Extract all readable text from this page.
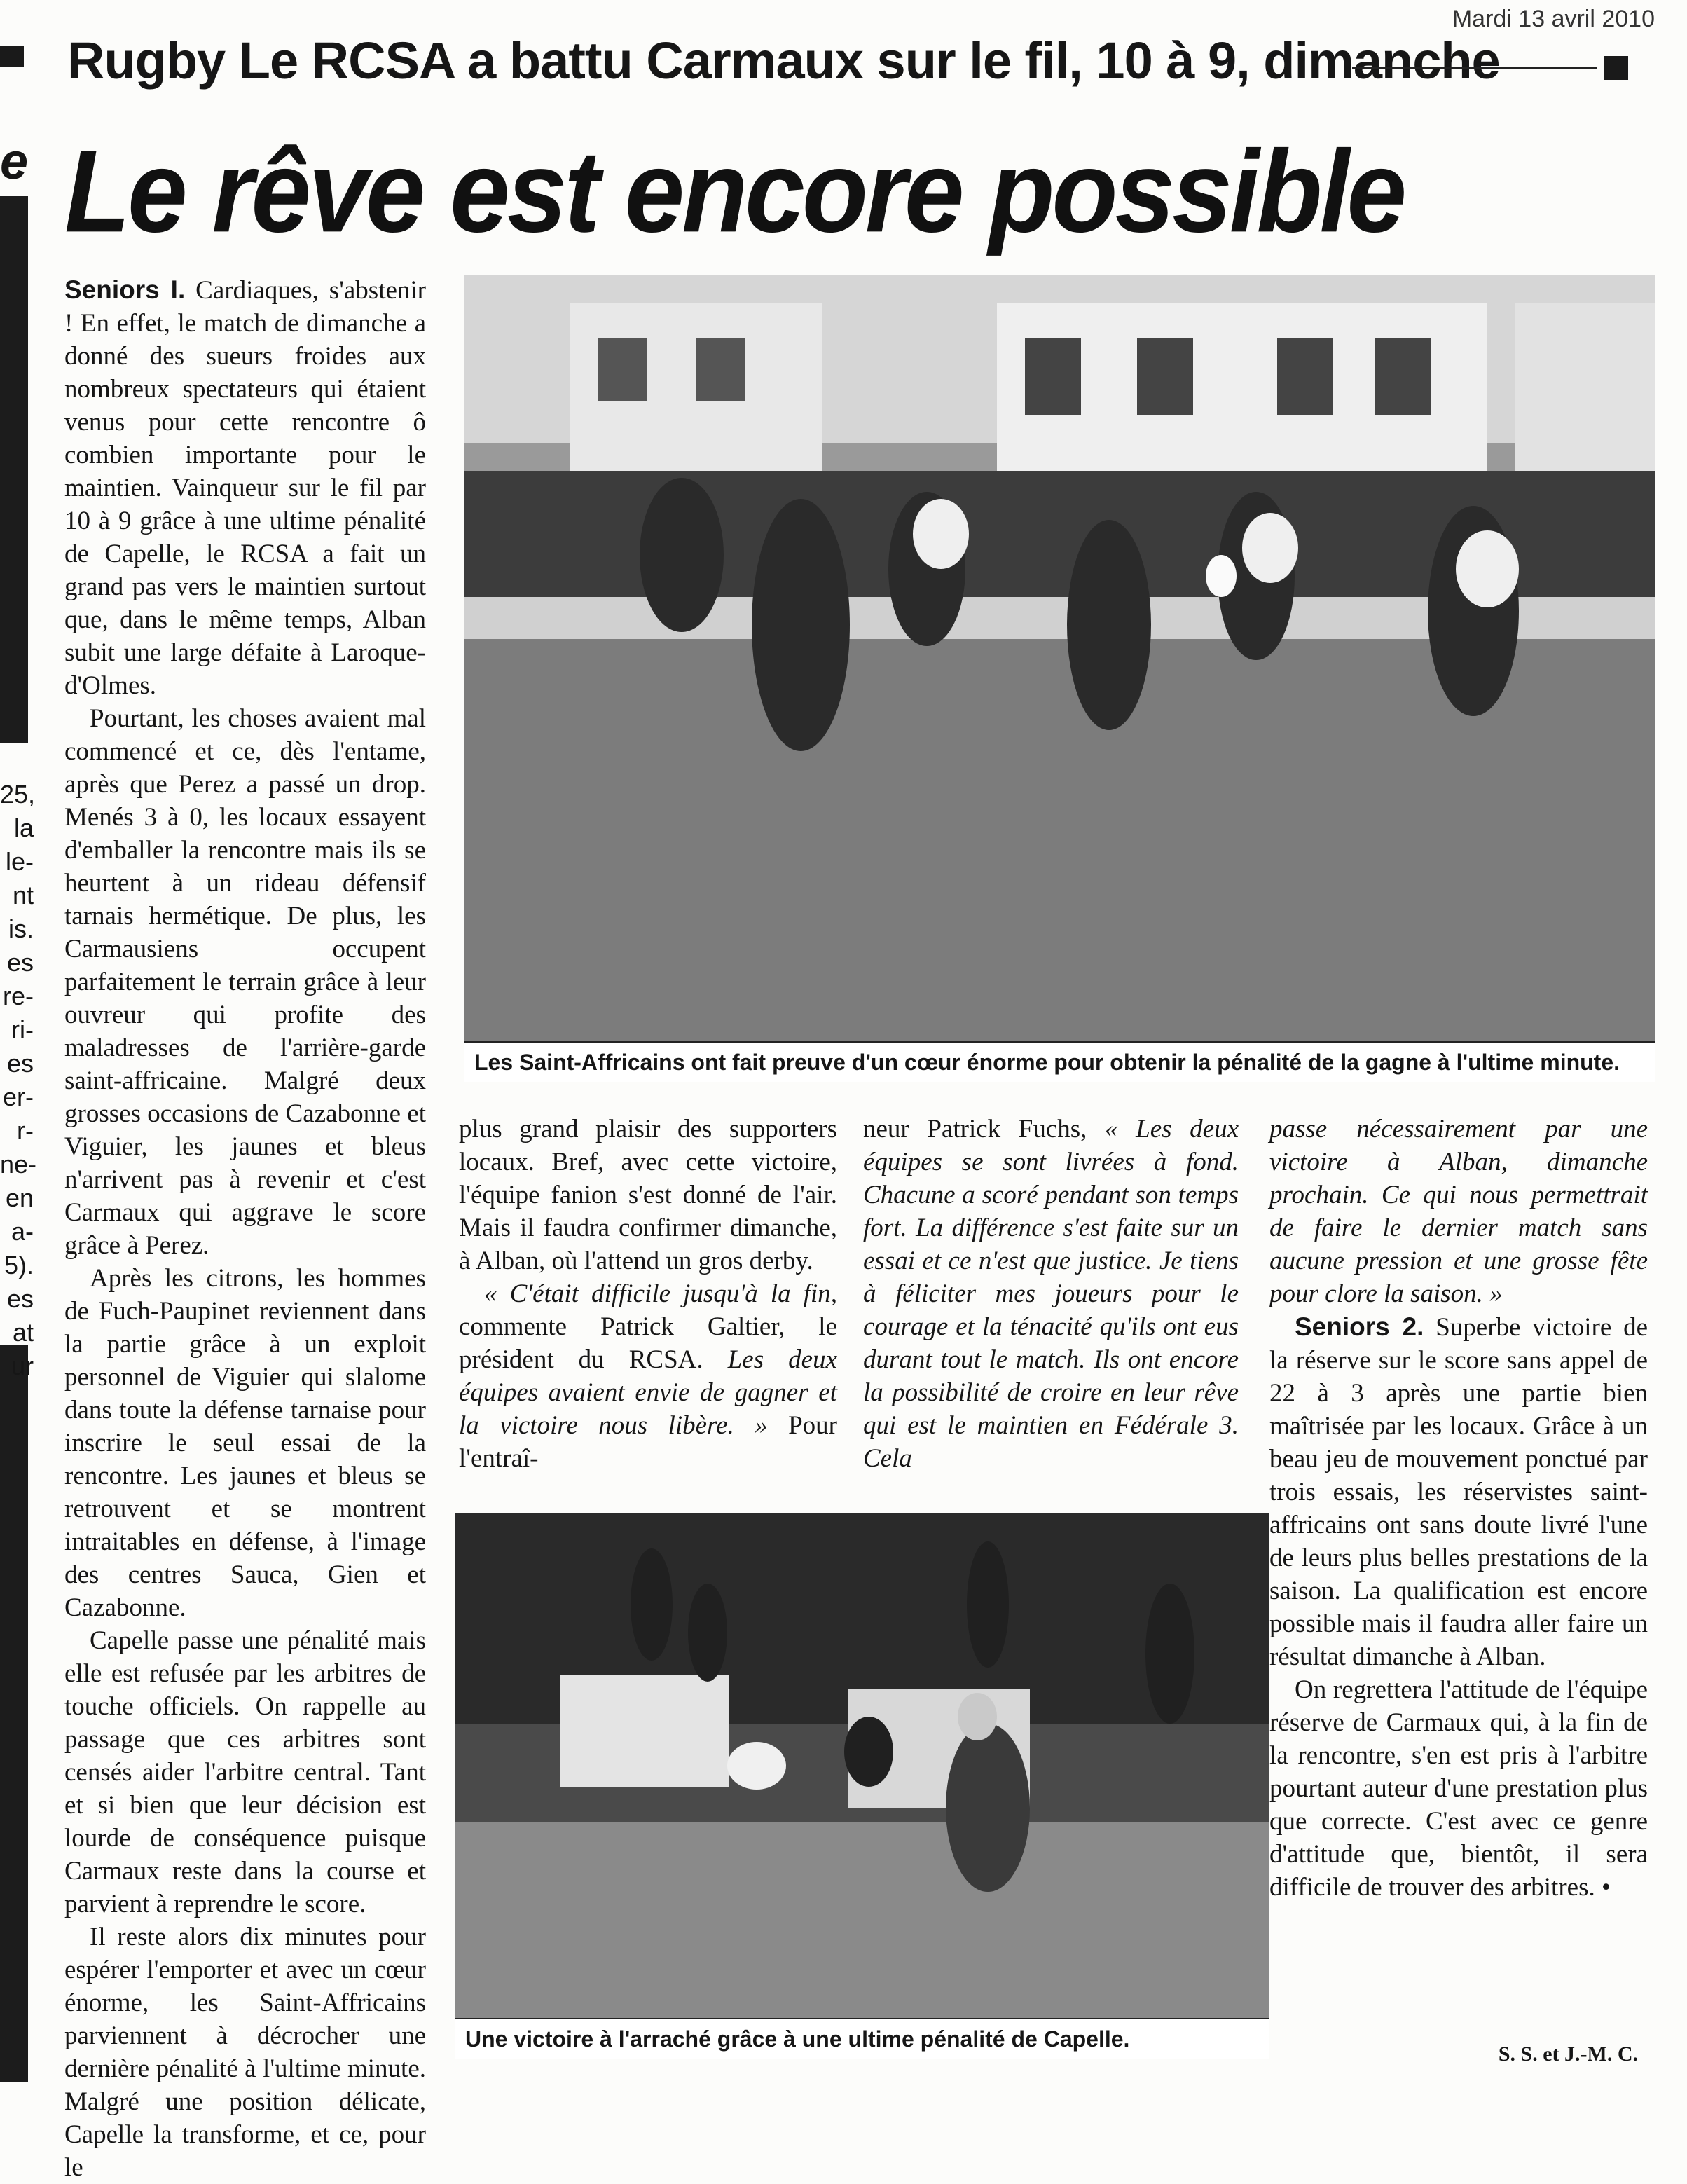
Mardi 13 avril 2010
Rugby Le RCSA a battu Carmaux sur le fil, 10 à 9, dimanche
e Le rêve est encore possible
25,
la
le-
nt
is.
es
re-
ri-
es
er-
r-
ne-
en
a-
5).
es
at
ur

Seniors I. Cardiaques, s'abstenir ! En effet, le match de dimanche a donné des sueurs froides aux nombreux spectateurs qui étaient venus pour cette rencontre ô combien importante pour le maintien. Vainqueur sur le fil par 10 à 9 grâce à une ultime pénalité de Capelle, le RCSA a fait un grand pas vers le maintien surtout que, dans le même temps, Alban subit une large défaite à Laroque-d'Olmes.

Pourtant, les choses avaient mal commencé et ce, dès l'entame, après que Perez a passé un drop. Menés 3 à 0, les locaux essayent d'emballer la rencontre mais ils se heurtent à un rideau défensif tarnais hermétique. De plus, les Carmausiens occupent parfaitement le terrain grâce à leur ouvreur qui profite des maladresses de l'arrière-garde saint-affricaine. Malgré deux grosses occasions de Cazabonne et Viguier, les jaunes et bleus n'arrivent pas à revenir et c'est Carmaux qui aggrave le score grâce à Perez.

Après les citrons, les hommes de Fuch-Paupinet reviennent dans la partie grâce à un exploit personnel de Viguier qui slalome dans toute la défense tarnaise pour inscrire le seul essai de la rencontre. Les jaunes et bleus se retrouvent et se montrent intraitables en défense, à l'image des centres Sauca, Gien et Cazabonne.

Capelle passe une pénalité mais elle est refusée par les arbitres de touche officiels. On rappelle au passage que ces arbitres sont censés aider l'arbitre central. Tant et si bien que leur décision est lourde de conséquence puisque Carmaux reste dans la course et parvient à reprendre le score.

Il reste alors dix minutes pour espérer l'emporter et avec un cœur énorme, les Saint-Affricains parviennent à décrocher une dernière pénalité à l'ultime minute. Malgré une position délicate, Capelle la transforme, et ce, pour le

Les Saint-Affricains ont fait preuve d'un cœur énorme pour obtenir la pénalité de la gagne à l'ultime minute.

plus grand plaisir des supporters locaux. Bref, avec cette victoire, l'équipe fanion s'est donné de l'air. Mais il faudra confirmer dimanche, à Alban, où l'attend un gros derby.

« C'était difficile jusqu'à la fin, commente Patrick Galtier, le président du RCSA. Les deux équipes avaient envie de gagner et la victoire nous libère. » Pour l'entraî-

neur Patrick Fuchs, « Les deux équipes se sont livrées à fond. Chacune a scoré pendant son temps fort. La différence s'est faite sur un essai et ce n'est que justice. Je tiens à féliciter mes joueurs pour le courage et la ténacité qu'ils ont eus durant tout le match. Ils ont encore la possibilité de croire en leur rêve qui est le maintien en Fédérale 3. Cela

Une victoire à l'arraché grâce à une ultime pénalité de Capelle.

passe nécessairement par une victoire à Alban, dimanche prochain. Ce qui nous permettrait de faire le dernier match sans aucune pression et une grosse fête pour clore la saison. »

Seniors 2. Superbe victoire de la réserve sur le score sans appel de 22 à 3 après une partie bien maîtrisée par les locaux. Grâce à un beau jeu de mouvement ponctué par trois essais, les réservistes saint-affricains ont sans doute livré l'une de leurs plus belles prestations de la saison. La qualification est encore possible mais il faudra aller faire un résultat dimanche à Alban.

On regrettera l'attitude de l'équipe réserve de Carmaux qui, à la fin de la rencontre, s'en est pris à l'arbitre pourtant auteur d'une prestation plus que correcte. C'est avec ce genre d'attitude que, bientôt, il sera difficile de trouver des arbitres. •

S. S. et J.-M. C.
